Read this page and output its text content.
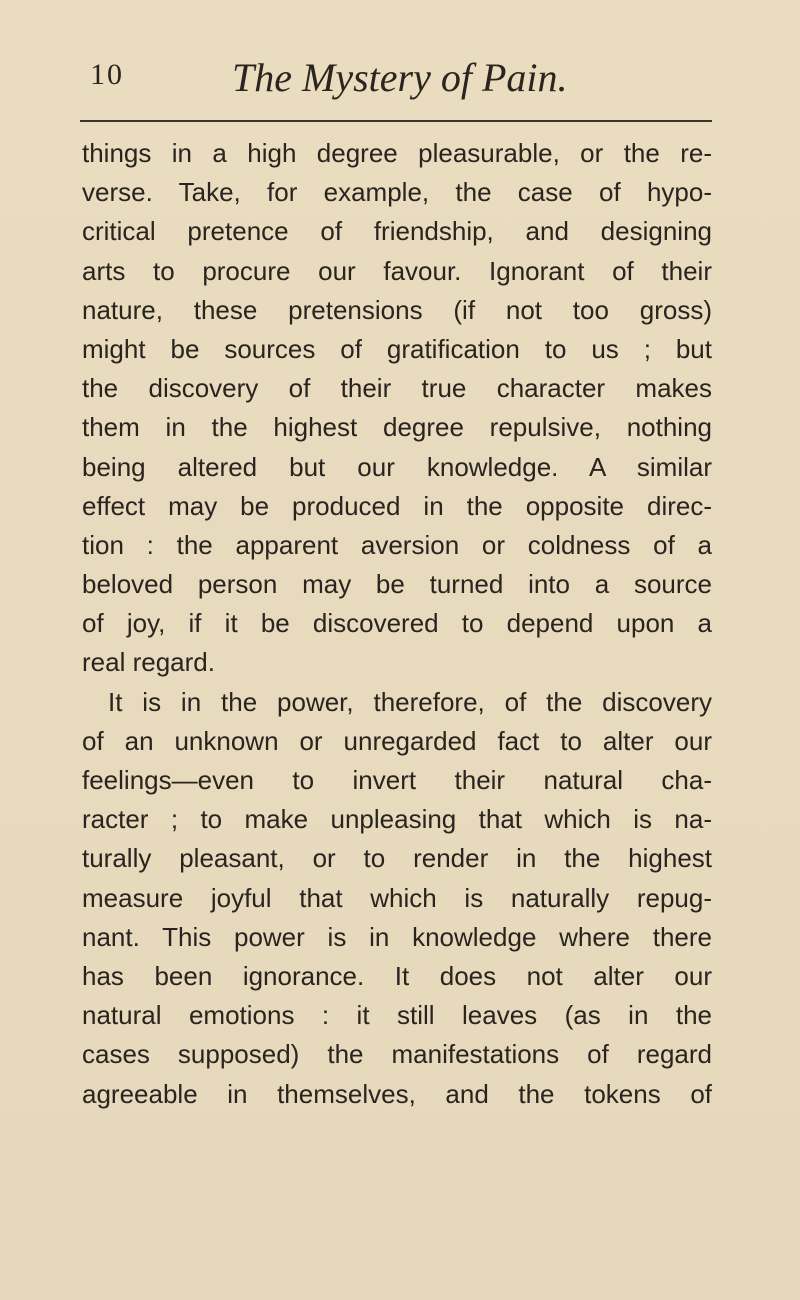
10	The Mystery of Pain.
things in a high degree pleasurable, or the re-
verse. Take, for example, the case of hypo-
critical pretence of friendship, and designing
arts to procure our favour. Ignorant of their
nature, these pretensions (if not too gross)
might be sources of gratification to us ; but
the discovery of their true character makes
them in the highest degree repulsive, nothing
being altered but our knowledge. A similar
effect may be produced in the opposite direc-
tion : the apparent aversion or coldness of a
beloved person may be turned into a source
of joy, if it be discovered to depend upon a
real regard.
It is in the power, therefore, of the discovery
of an unknown or unregarded fact to alter our
feelings—even to invert their natural cha-
racter ; to make unpleasing that which is na-
turally pleasant, or to render in the highest
measure joyful that which is naturally repug-
nant. This power is in knowledge where there
has been ignorance. It does not alter our
natural emotions : it still leaves (as in the
cases supposed) the manifestations of regard
agreeable in themselves, and the tokens of
